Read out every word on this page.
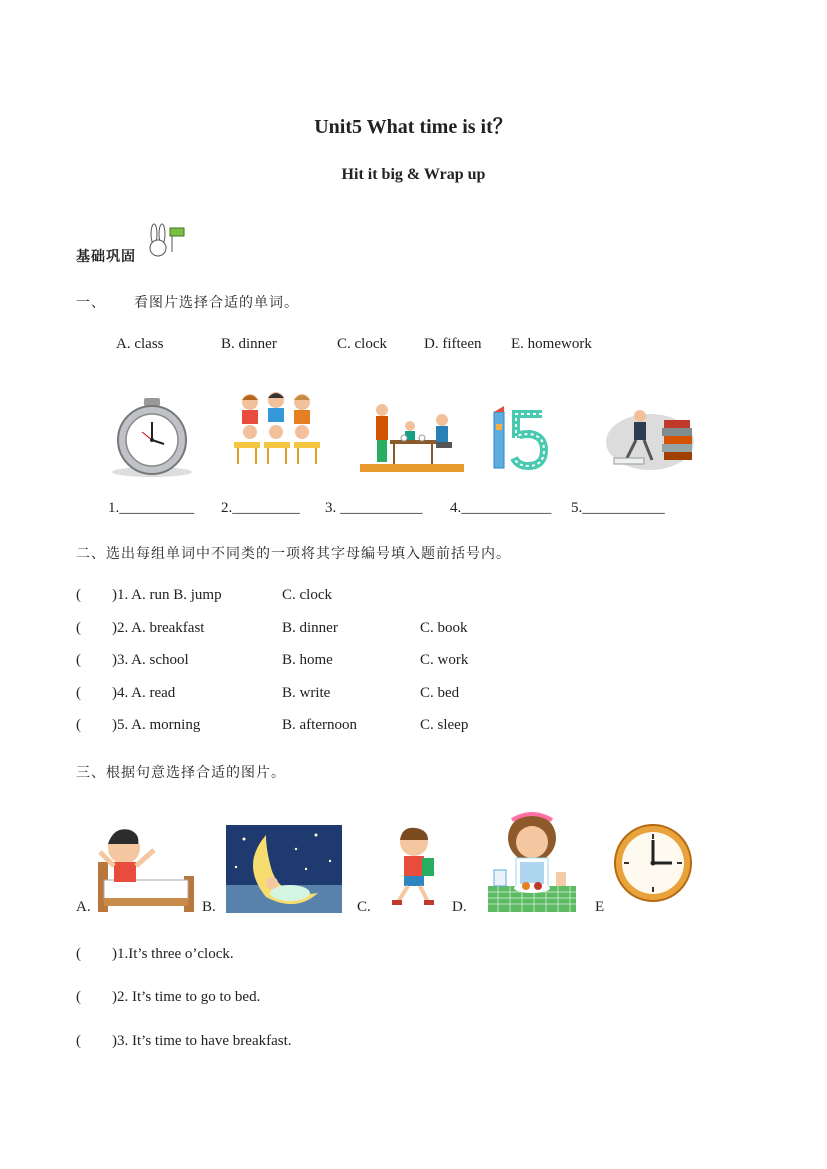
Unit5 What time is it？
Hit it big & Wrap up
基础巩固
一、 看图片选择合适的单词。
A. class	B. dinner	C. clock D. fifteen E. homework
1.__________ 2._________ 3. ___________ 4.____________ 5.___________
二、选出每组单词中不同类的一项将其字母编号填入题前括号内。
( )1. A. run B. jump	C. clock
( )2. A. breakfast	B. dinner	C. book
( )3. A. school	B. home	C. work
( )4. A. read	B. write	C. bed
( )5. A. morning	B. afternoon	C. sleep
三、根据句意选择合适的图片。
A.	B.	C.	D.	E
( )1.It’s three o’clock.
( )2. It’s time to go to bed.
( )3. It’s time to have breakfast.
